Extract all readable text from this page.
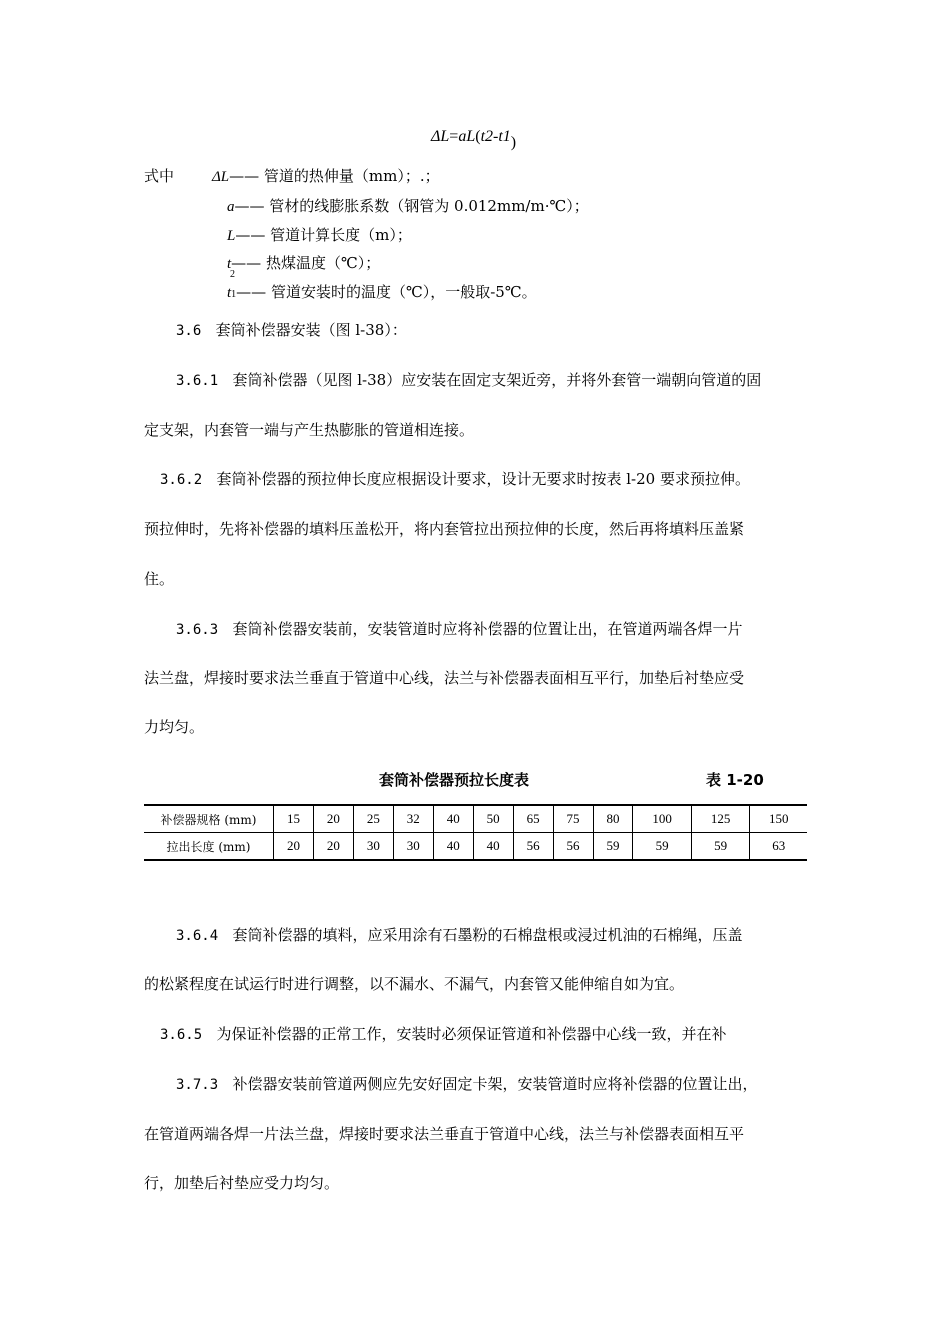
ΔL=aL(t2-t1)
式中	ΔL—— 管道的热伸量（mm）；.；
a—— 管材的线膨胀系数（钢管为 0.012mm/m·℃）；
L—— 管道计算长度（m）；
t—— 热煤温度（℃）；
2
t1—— 管道安装时的温度（℃），一般取-5℃。
3.6 套筒补偿器安装（图 l-38）：
3.6.1 套筒补偿器（见图 l-38）应安装在固定支架近旁，并将外套管一端朝向管道的固
定支架，内套管一端与产生热膨胀的管道相连接。
3.6.2 套筒补偿器的预拉伸长度应根据设计要求，设计无要求时按表 l-20 要求预拉伸。
预拉伸时，先将补偿器的填料压盖松开，将内套管拉出预拉伸的长度，然后再将填料压盖紧
住。
3.6.3 套筒补偿器安装前，安装管道时应将补偿器的位置让出，在管道两端各焊一片
法兰盘，焊接时要求法兰垂直于管道中心线，法兰与补偿器表面相互平行，加垫后衬垫应受
力均匀。
套筒补偿器预拉长度表	表 1-20
补偿器规格 (mm)	15	20	25	32	40	50	65	75	80	100	125	150
拉出长度 (mm)	20	20	30	30	40	40	56	56	59	59	59	63
3.6.4 套筒补偿器的填料，应采用涂有石墨粉的石棉盘根或浸过机油的石棉绳，压盖
的松紧程度在试运行时进行调整，以不漏水、不漏气，内套管又能伸缩自如为宜。
3.6.5 为保证补偿器的正常工作，安装时必须保证管道和补偿器中心线一致，并在补
3.7.3 补偿器安装前管道两侧应先安好固定卡架，安装管道时应将补偿器的位置让出，
在管道两端各焊一片法兰盘，焊接时要求法兰垂直于管道中心线，法兰与补偿器表面相互平
行，加垫后衬垫应受力均匀。
